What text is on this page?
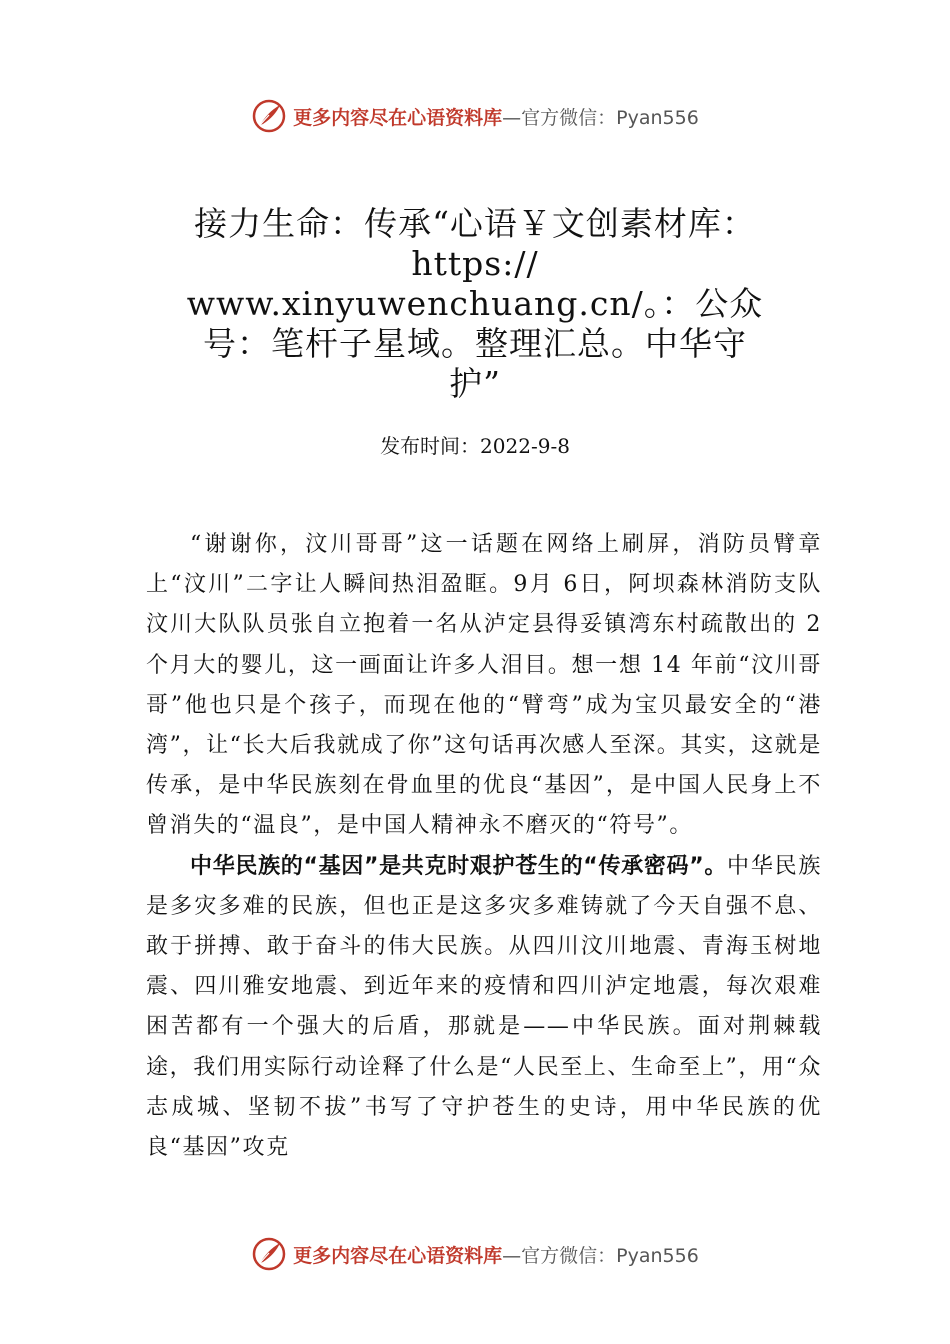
更多内容尽在心语资料库 —官方微信：Pyan556
接力生命：传承“心语￥文创素材库：https:// www.xinyuwenchuang.cn/。：公众号：笔杆子星域。整理汇总。中华守护”
发布时间：2022-9-8

“谢谢你，汶川哥哥”这一话题在网络上刷屏，消防员臂章上“汶川”二字让人瞬间热泪盈眶。9月 6日，阿坝森林消防支队汶川大队队员张自立抱着一名从泸定县得妥镇湾东村疏散出的 2 个月大的婴儿，这一画面让许多人泪目。想一想 14 年前“汶川哥哥”他也只是个孩子，而现在他的“臂弯”成为宝贝最安全的“港湾”，让“长大后我就成了你”这句话再次感人至深。其实，这就是传承，是中华民族刻在骨血里的优良“基因”，是中国人民身上不曾消失的“温良”，是中国人精神永不磨灭的“符号”。

中华民族的“基因”是共克时艰护苍生的“传承密码”。中华民族是多灾多难的民族，但也正是这多灾多难铸就了今天自强不息、敢于拼搏、敢于奋斗的伟大民族。从四川汶川地震、青海玉树地震、四川雅安地震、到近年来的疫情和四川泸定地震，每次艰难困苦都有一个强大的后盾，那就是——中华民族。面对荆棘载途，我们用实际行动诠释了什么是“人民至上、生命至上”，用“众志成城、坚韧不拔”书写了守护苍生的史诗，用中华民族的优良“基因”攻克

更多内容尽在心语资料库 —官方微信：Pyan556
